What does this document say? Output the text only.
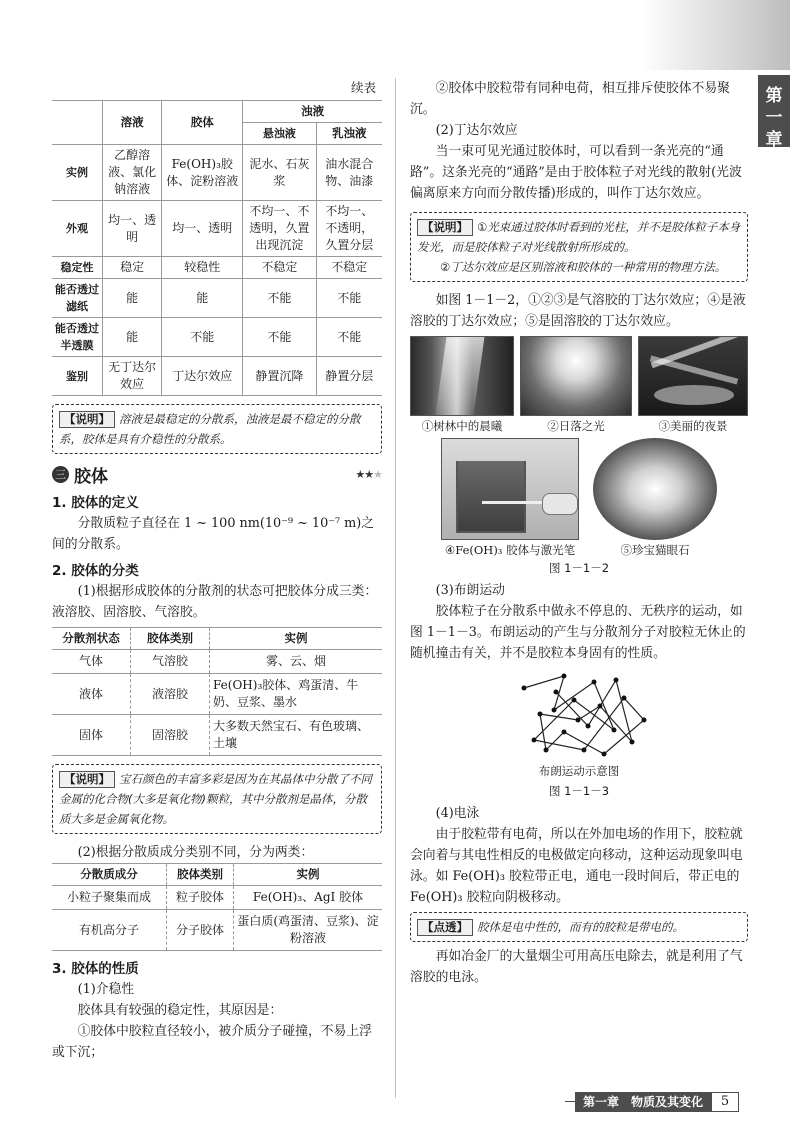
第一章
续表
	溶液	胶体	浊液	
			悬浊液	乳浊液
实例	乙醇溶液、氯化钠溶液	Fe(OH)₃胶体、淀粉溶液	泥水、石灰浆	油水混合物、油漆
外观	均一、透明	均一、透明	不均一、不透明，久置出现沉淀	不均一、不透明，久置分层
稳定性	稳定	较稳性	不稳定	不稳定
能否透过滤纸	能	能	不能	不能
能否透过半透膜	能	不能	不能	不能
鉴别	无丁达尔效应	丁达尔效应	静置沉降	静置分层
【说明】 溶液是最稳定的分散系，浊液是最不稳定的分散系，胶体是具有介稳性的分散系。
三 胶体	★★★
1. 胶体的定义

分散质粒子直径在 1 ~ 100 nm(10⁻⁹ ~ 10⁻⁷ m)之间的分散系。

2. 胶体的分类

(1)根据形成胶体的分散剂的状态可把胶体分成三类：液溶胶、固溶胶、气溶胶。

分散剂状态	胶体类别	实例
气体	气溶胶	雾、云、烟
液体	液溶胶	Fe(OH)₃胶体、鸡蛋清、牛奶、豆浆、墨水
固体	固溶胶	大多数天然宝石、有色玻璃、土壤
【说明】 宝石颜色的丰富多彩是因为在其晶体中分散了不同金属的化合物(大多是氧化物)颗粒，其中分散剂是晶体，分散质大多是金属氧化物。

(2)根据分散质成分类别不同，分为两类：

分散质成分	胶体类别	实例
小粒子聚集而成	粒子胶体	Fe(OH)₃、AgI 胶体
有机高分子	分子胶体	蛋白质(鸡蛋清、豆浆)、淀粉溶液
3. 胶体的性质

(1)介稳性

胶体具有较强的稳定性，其原因是：

①胶体中胶粒直径较小，被介质分子碰撞，不易上浮或下沉；

②胶体中胶粒带有同种电荷，相互排斥使胶体不易聚沉。

(2)丁达尔效应

当一束可见光通过胶体时，可以看到一条光亮的“通路”。这条光亮的“通路”是由于胶体粒子对光线的散射(光波偏离原来方向而分散传播)形成的，叫作丁达尔效应。

【说明】 ①光束通过胶体时看到的光柱，并不是胶体粒子本身发光，而是胶体粒子对光线散射所形成的。
②丁达尔效应是区别溶液和胶体的一种常用的物理方法。

如图 1－1－2，①②③是气溶胶的丁达尔效应；④是液溶胶的丁达尔效应；⑤是固溶胶的丁达尔效应。

①树林中的晨曦	②日落之光	③美丽的夜景
④Fe(OH)₃ 胶体与激光笔	⑤珍宝猫眼石
图 1－1－2

(3)布朗运动

胶体粒子在分散系中做永不停息的、无秩序的运动，如图 1－1－3。布朗运动的产生与分散剂分子对胶粒无休止的随机撞击有关，并不是胶粒本身固有的性质。

布朗运动示意图
图 1－1－3

(4)电泳

由于胶粒带有电荷，所以在外加电场的作用下，胶粒就会向着与其电性相反的电极做定向移动，这种运动现象叫电泳。如 Fe(OH)₃ 胶粒带正电，通电一段时间后，带正电的 Fe(OH)₃ 胶粒向阴极移动。

【点透】 胶体是电中性的，而有的胶粒是带电的。

再如冶金厂的大量烟尘可用高压电除去，就是利用了气溶胶的电泳。

第一章　物质及其变化	5
